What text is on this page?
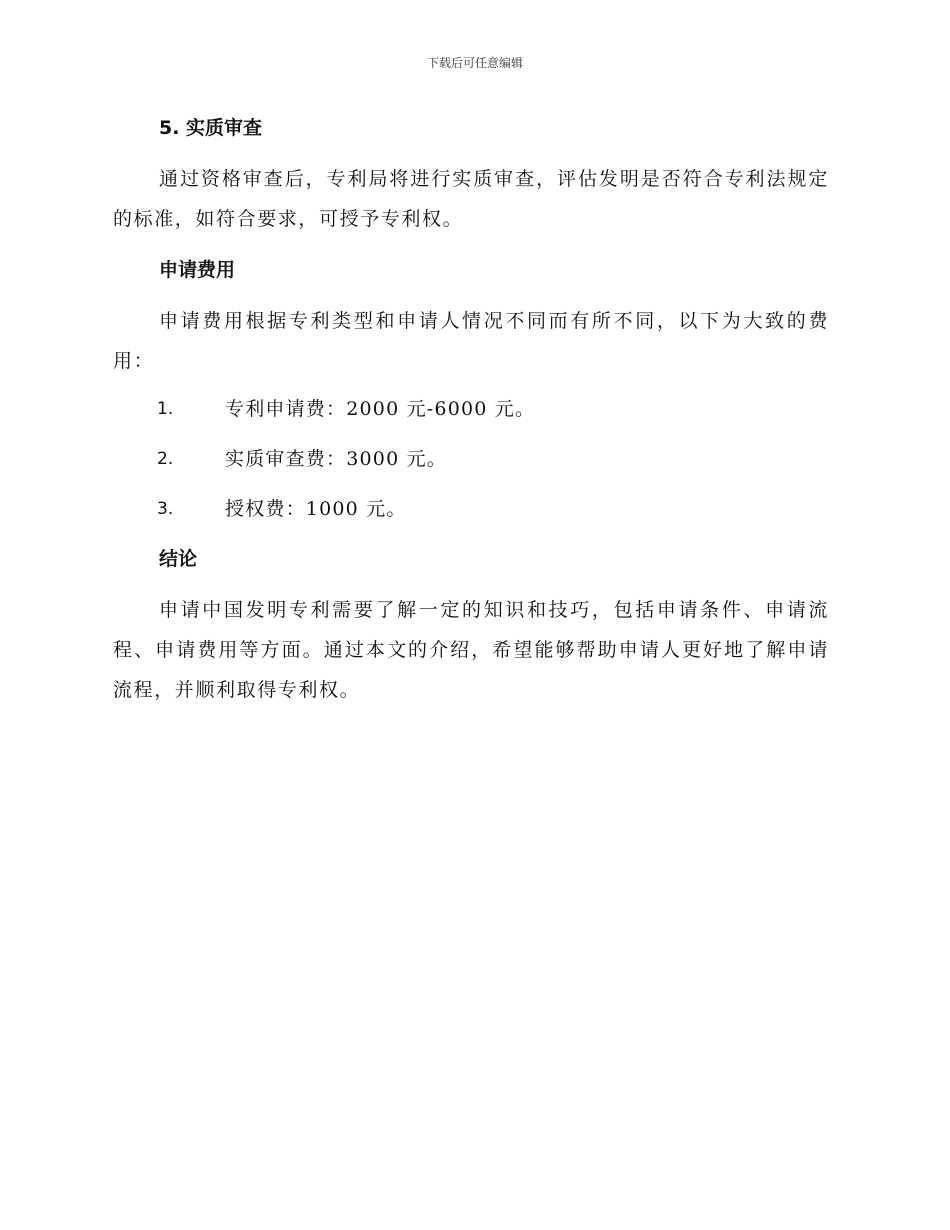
下载后可任意编辑
5. 实质审查

通过资格审查后，专利局将进行实质审查，评估发明是否符合专利法规定的标准，如符合要求，可授予专利权。

申请费用

申请费用根据专利类型和申请人情况不同而有所不同，以下为大致的费用：

1.	专利申请费：2000 元-6000 元。
2.	实质审查费：3000 元。
3.	授权费：1000 元。
结论

申请中国发明专利需要了解一定的知识和技巧，包括申请条件、申请流程、申请费用等方面。通过本文的介绍，希望能够帮助申请人更好地了解申请流程，并顺利取得专利权。
